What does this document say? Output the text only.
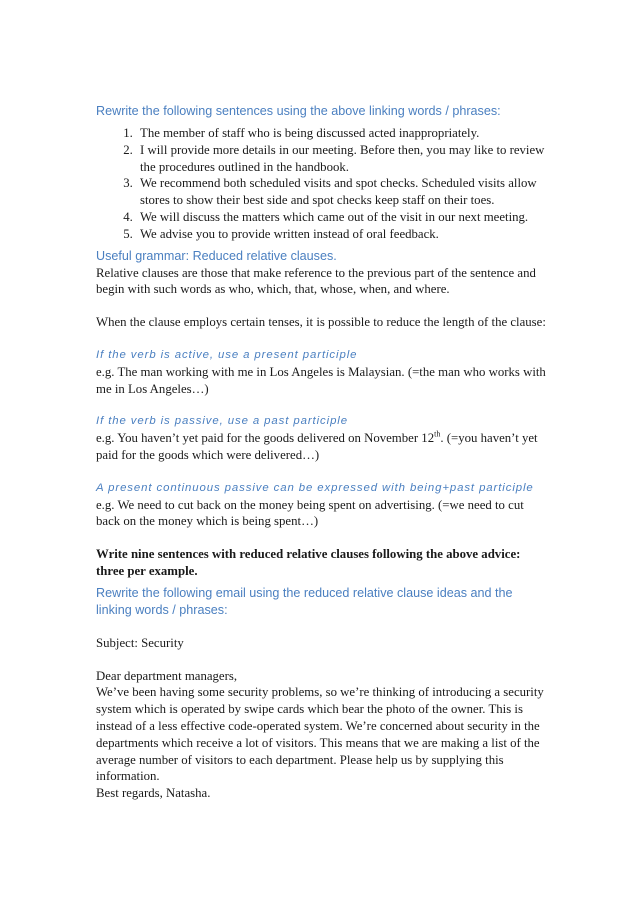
Rewrite the following sentences using the above linking words / phrases:

1. The member of staff who is being discussed acted inappropriately.
2. I will provide more details in our meeting. Before then, you may like to review the procedures outlined in the handbook.
3. We recommend both scheduled visits and spot checks. Scheduled visits allow stores to show their best side and spot checks keep staff on their toes.
4. We will discuss the matters which came out of the visit in our next meeting.
5. We advise you to provide written instead of oral feedback.

Useful grammar: Reduced relative clauses.

Relative clauses are those that make reference to the previous part of the sentence and begin with such words as who, which, that, whose, when, and where.

When the clause employs certain tenses, it is possible to reduce the length of the clause:

If the verb is active, use a present participle

e.g. The man working with me in Los Angeles is Malaysian. (=the man who works with me in Los Angeles…)

If the verb is passive, use a past participle

e.g. You haven’t yet paid for the goods delivered on November 12th. (=you haven’t yet paid for the goods which were delivered…)

A present continuous passive can be expressed with being+past participle

e.g. We need to cut back on the money being spent on advertising. (=we need to cut back on the money which is being spent…)

Write nine sentences with reduced relative clauses following the above advice: three per example.

Rewrite the following email using the reduced relative clause ideas and the linking words / phrases:

Subject: Security

Dear department managers,

We’ve been having some security problems, so we’re thinking of introducing a security system which is operated by swipe cards which bear the photo of the owner. This is instead of a less effective code-operated system. We’re concerned about security in the departments which receive a lot of visitors. This means that we are making a list of the average number of visitors to each department. Please help us by supplying this information.

Best regards, Natasha.
